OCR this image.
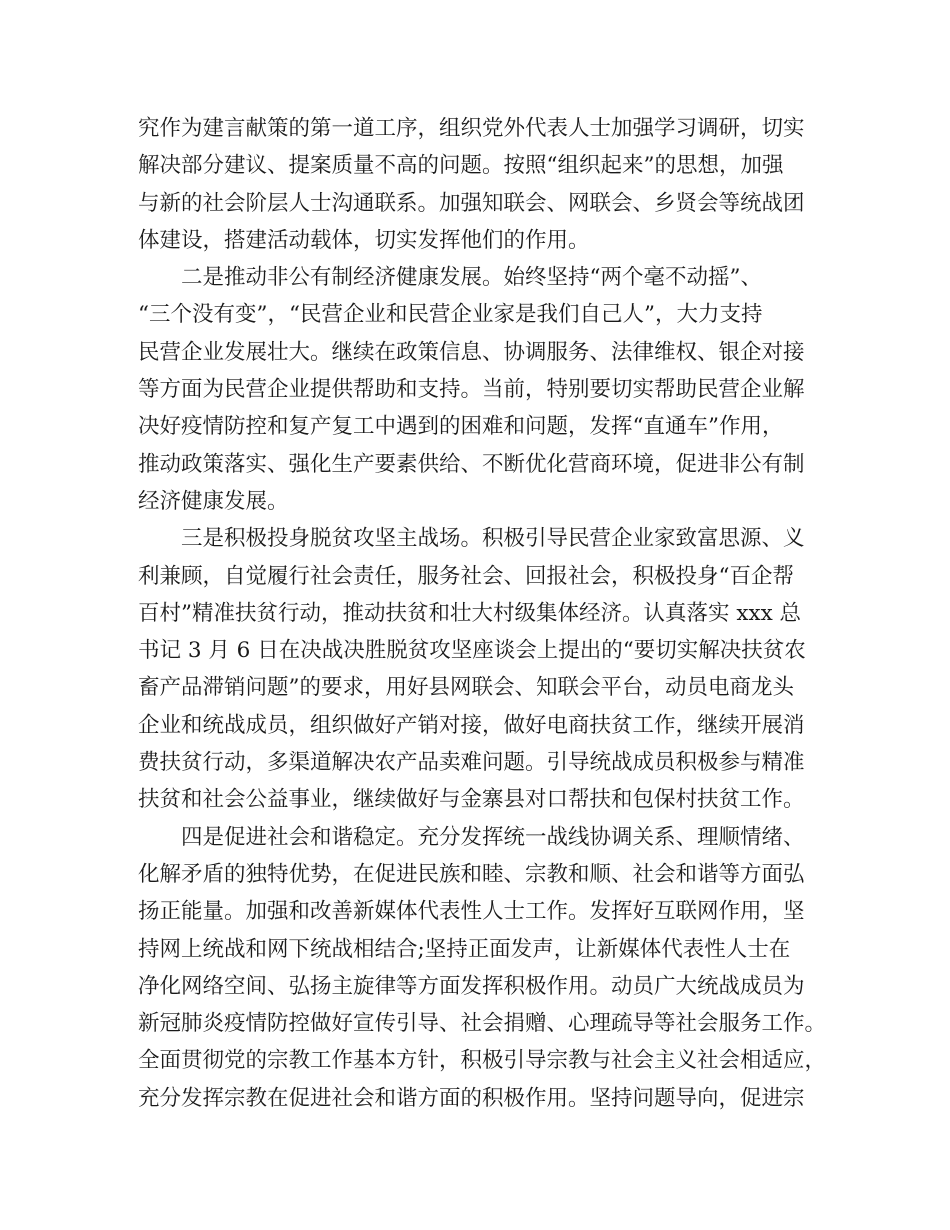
究作为建言献策的第一道工序，组织党外代表人士加强学习调研，切实
解决部分建议、提案质量不高的问题。按照“组织起来”的思想，加强
与新的社会阶层人士沟通联系。加强知联会、网联会、乡贤会等统战团
体建设，搭建活动载体，切实发挥他们的作用。
二是推动非公有制经济健康发展。始终坚持“两个毫不动摇”、
“三个没有变”，“民营企业和民营企业家是我们自己人”，大力支持
民营企业发展壮大。继续在政策信息、协调服务、法律维权、银企对接
等方面为民营企业提供帮助和支持。当前，特别要切实帮助民营企业解
决好疫情防控和复产复工中遇到的困难和问题，发挥“直通车”作用，
推动政策落实、强化生产要素供给、不断优化营商环境，促进非公有制
经济健康发展。
三是积极投身脱贫攻坚主战场。积极引导民营企业家致富思源、义
利兼顾，自觉履行社会责任，服务社会、回报社会，积极投身“百企帮
百村”精准扶贫行动，推动扶贫和壮大村级集体经济。认真落实 xxx 总
书记 3 月 6 日在决战决胜脱贫攻坚座谈会上提出的“要切实解决扶贫农
畜产品滞销问题”的要求，用好县网联会、知联会平台，动员电商龙头
企业和统战成员，组织做好产销对接，做好电商扶贫工作，继续开展消
费扶贫行动，多渠道解决农产品卖难问题。引导统战成员积极参与精准
扶贫和社会公益事业，继续做好与金寨县对口帮扶和包保村扶贫工作。
四是促进社会和谐稳定。充分发挥统一战线协调关系、理顺情绪、
化解矛盾的独特优势，在促进民族和睦、宗教和顺、社会和谐等方面弘
扬正能量。加强和改善新媒体代表性人士工作。发挥好互联网作用，坚
持网上统战和网下统战相结合;坚持正面发声，让新媒体代表性人士在
净化网络空间、弘扬主旋律等方面发挥积极作用。动员广大统战成员为
新冠肺炎疫情防控做好宣传引导、社会捐赠、心理疏导等社会服务工作。
全面贯彻党的宗教工作基本方针，积极引导宗教与社会主义社会相适应，
充分发挥宗教在促进社会和谐方面的积极作用。坚持问题导向，促进宗
